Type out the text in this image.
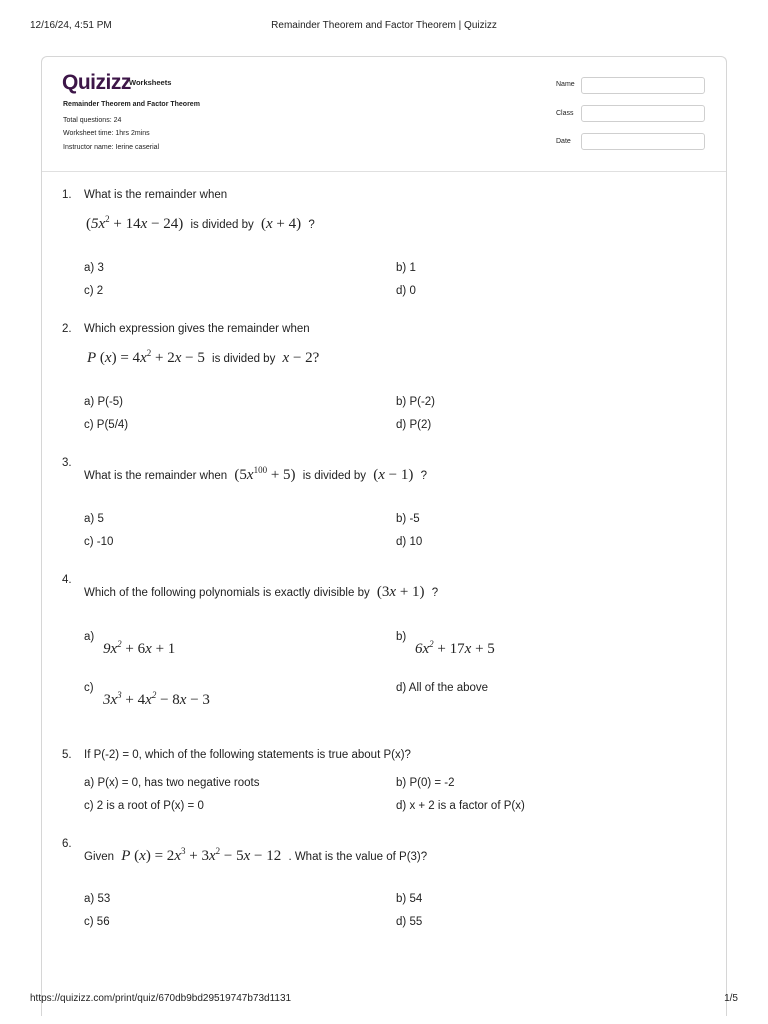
12/16/24, 4:51 PM	Remainder Theorem and Factor Theorem | Quizizz
Quizizz
Worksheets
Remainder Theorem and Factor Theorem
Total questions: 24
Worksheet time: 1hrs 2mins
Instructor name: Ierine caserial
Name
Class
Date
1. What is the remainder when
$(5x^2 + 14x - 24)$ is divided by (x + 4) ?
a) 3	b) 1
c) 2	d) 0
2. Which expression gives the remainder when
P $(x) = 4x^2 + 2x - 5$ is divided by x − 2?
a) P(-5)	b) P(-2)
c) P(5/4)	d) P(2)
3.
What is the remainder when $(5x^{100} + 5)$ is divided by (x − 1) ?
a) 5	b) -5
c) -10	d) 10
4.
Which of the following polynomials is exactly divisible by (3x + 1) ?
a)
$9x^2 + 6x + 1$
b)
$6x^2 + 17x + 5$
c)
$3x^3 + 4x^2 - 8x - 3$
d) All of the above
5. If P(-2) = 0, which of the following statements is true about P(x)?
a) P(x) = 0, has two negative roots	b) P(0) = -2
c) 2 is a root of P(x) = 0	d) x + 2 is a factor of P(x)
6.
Given P $(x) = 2x^3 + 3x^2 - 5x - 12$ . What is the value of P(3)?
a) 53	b) 54
c) 56	d) 55
https://quizizz.com/print/quiz/670db9bd29519747b73d1131	1/5
